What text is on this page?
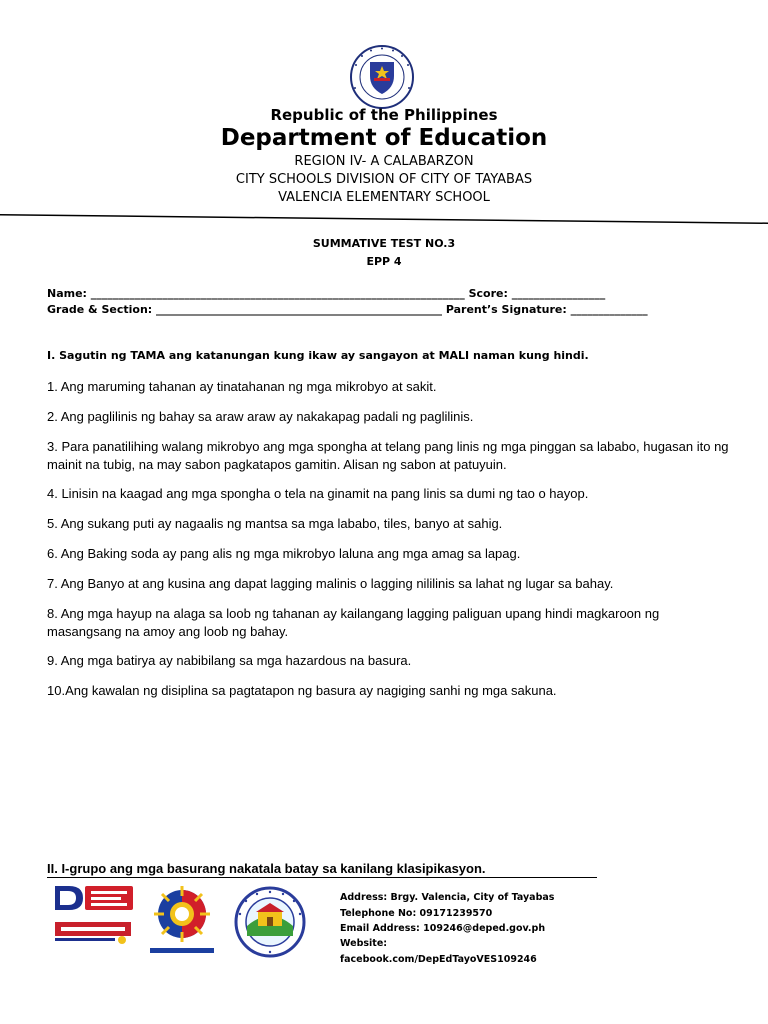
Republic of the Philippines
Department of Education
REGION IV- A CALABARZON
CITY SCHOOLS DIVISION OF CITY OF TAYABAS
VALENCIA ELEMENTARY SCHOOL
SUMMATIVE TEST NO.3
EPP 4
Name: ____________________________________________________________________ Score: _________________
Grade & Section: ____________________________________________________ Parent’s Signature: ______________
I. Sagutin ng TAMA ang katanungan kung ikaw ay sangayon at MALI naman kung hindi.
1. Ang maruming tahanan ay tinatahanan ng mga mikrobyo at sakit.
2. Ang paglilinis ng bahay sa araw araw ay nakakapag padali ng paglilinis.
3. Para panatilihing walang mikrobyo ang mga spongha at telang pang linis ng mga pinggan sa lababo, hugasan ito ng mainit na tubig, na may sabon pagkatapos gamitin. Alisan ng sabon at patuyuin.
4. Linisin na kaagad ang mga spongha o tela na ginamit na pang linis sa dumi ng tao o hayop.
5. Ang sukang puti ay nagaalis ng mantsa sa mga lababo, tiles, banyo at sahig.
6. Ang Baking soda ay pang alis ng mga mikrobyo laluna ang mga amag sa lapag.
7. Ang Banyo at ang kusina ang dapat lagging malinis o lagging nililinis sa lahat ng lugar sa bahay.
8. Ang mga hayup na alaga sa loob ng tahanan ay kailangang lagging paliguan upang hindi magkaroon ng masangsang na amoy ang loob ng bahay.
9. Ang mga batirya ay nabibilang sa mga hazardous na basura.
10.Ang kawalan ng disiplina sa pagtatapon ng basura ay nagiging sanhi ng mga sakuna.
II. I-grupo ang mga basurang nakatala batay sa kanilang klasipikasyon.
Address: Brgy. Valencia, City of Tayabas
Telephone No: 09171239570
Email Address: 109246@deped.gov.ph
Website:
facebook.com/DepEdTayoVES109246
